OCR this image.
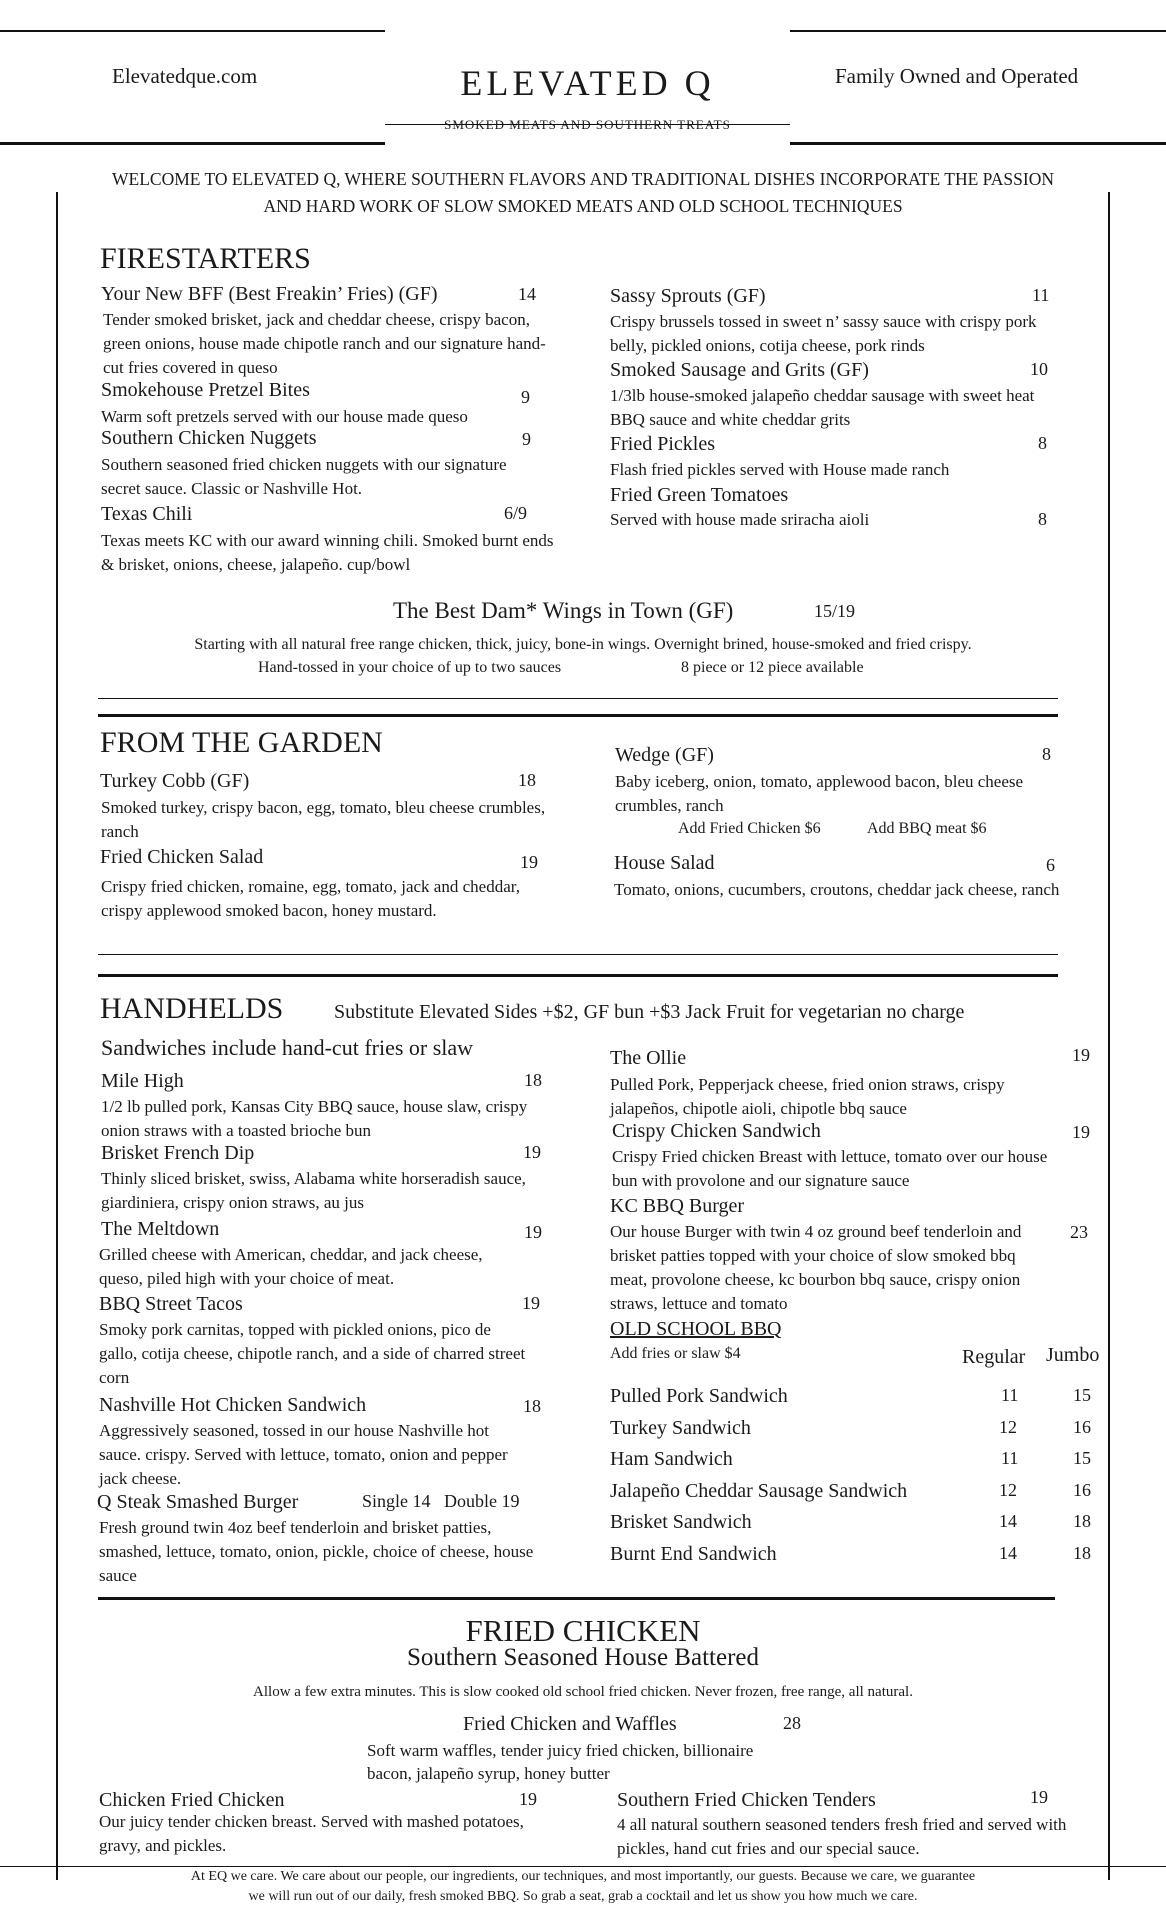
Elevatedque.com	ELEVATED Q
SMOKED MEATS AND SOUTHERN TREATS
Family Owned and Operated
WELCOME TO ELEVATED Q, WHERE SOUTHERN FLAVORS AND TRADITIONAL DISHES INCORPORATE THE PASSION
AND HARD WORK OF SLOW SMOKED MEATS AND OLD SCHOOL TECHNIQUES
FIRESTARTERS
Your New BFF (Best Freakin’ Fries) (GF)	14
Tender smoked brisket, jack and cheddar cheese, crispy bacon, green onions, house made chipotle ranch and our signature hand-cut fries covered in queso
Smokehouse Pretzel Bites	9
Warm soft pretzels served with our house made queso
Southern Chicken Nuggets	9
Southern seasoned fried chicken nuggets with our signature secret sauce. Classic or Nashville Hot.
Texas Chili	6/9
Texas meets KC with our award winning chili. Smoked burnt ends & brisket, onions, cheese, jalapeño. cup/bowl
Sassy Sprouts (GF)	11
Crispy brussels tossed in sweet n’ sassy sauce with crispy pork belly, pickled onions, cotija cheese, pork rinds
Smoked Sausage and Grits (GF)	10
1/3lb house-smoked jalapeño cheddar sausage with sweet heat BBQ sauce and white cheddar grits
Fried Pickles	8
Flash fried pickles served with House made ranch
Fried Green Tomatoes
8
Served with house made sriracha aioli
The Best Dam* Wings in Town (GF)	15/19
Starting with all natural free range chicken, thick, juicy, bone-in wings. Overnight brined, house-smoked and fried crispy.
Hand-tossed in your choice of up to two sauces	8 piece or 12 piece available
FROM THE GARDEN
Turkey Cobb (GF)	18
Smoked turkey, crispy bacon, egg, tomato, bleu cheese crumbles, ranch
Fried Chicken Salad	19
Crispy fried chicken, romaine, egg, tomato, jack and cheddar, crispy applewood smoked bacon, honey mustard.
Wedge (GF)	8
Baby iceberg, onion, tomato, applewood bacon, bleu cheese crumbles, ranch
Add Fried Chicken $6	Add BBQ meat $6
House Salad	6
Tomato, onions, cucumbers, croutons, cheddar jack cheese, ranch
HANDHELDS	Substitute Elevated Sides +$2, GF bun +$3 Jack Fruit for vegetarian no charge
Sandwiches include hand-cut fries or slaw
Mile High	18
1/2 lb pulled pork, Kansas City BBQ sauce, house slaw, crispy onion straws with a toasted brioche bun
Brisket French Dip	19
Thinly sliced brisket, swiss, Alabama white horseradish sauce, giardiniera, crispy onion straws, au jus
The Meltdown	19
Grilled cheese with American, cheddar, and jack cheese, queso, piled high with your choice of meat.
BBQ Street Tacos	19
Smoky pork carnitas, topped with pickled onions, pico de gallo, cotija cheese, chipotle ranch, and a side of charred street corn
Nashville Hot Chicken Sandwich	18
Aggressively seasoned, tossed in our house Nashville hot sauce. crispy. Served with lettuce, tomato, onion and pepper jack cheese.
Q Steak Smashed Burger	Single 14   Double 19
Fresh ground twin 4oz beef tenderloin and brisket patties, smashed, lettuce, tomato, onion, pickle, choice of cheese, house sauce
The Ollie	19
Pulled Pork, Pepperjack cheese, fried onion straws, crispy jalapeños, chipotle aioli, chipotle bbq sauce
Crispy Chicken Sandwich	19
Crispy Fried chicken Breast with lettuce, tomato over our house bun with provolone and our signature sauce
KC BBQ Burger
23
Our house Burger with twin 4 oz ground beef tenderloin and brisket patties topped with your choice of slow smoked bbq meat, provolone cheese, kc bourbon bbq sauce, crispy onion straws, lettuce and tomato
OLD SCHOOL BBQ
Add fries or slaw $4	Regular Jumbo
Pulled Pork Sandwich	11	15
Turkey Sandwich	12	16
Ham Sandwich	11	15
Jalapeño Cheddar Sausage Sandwich	12	16
Brisket Sandwich	14	18
Burnt End Sandwich	14	18
FRIED CHICKEN
Southern Seasoned House Battered
Allow a few extra minutes. This is slow cooked old school fried chicken. Never frozen, free range, all natural.
Fried Chicken and Waffles	28
Soft warm waffles, tender juicy fried chicken, billionaire
bacon, jalapeño syrup, honey butter
Chicken Fried Chicken	19
Our juicy tender chicken breast. Served with mashed potatoes, gravy, and pickles.
Southern Fried Chicken Tenders	19
4 all natural southern seasoned tenders fresh fried and served with pickles, hand cut fries and our special sauce.
At EQ we care. We care about our people, our ingredients, our techniques, and most importantly, our guests. Because we care, we guarantee
we will run out of our daily, fresh smoked BBQ. So grab a seat, grab a cocktail and let us show you how much we care.
